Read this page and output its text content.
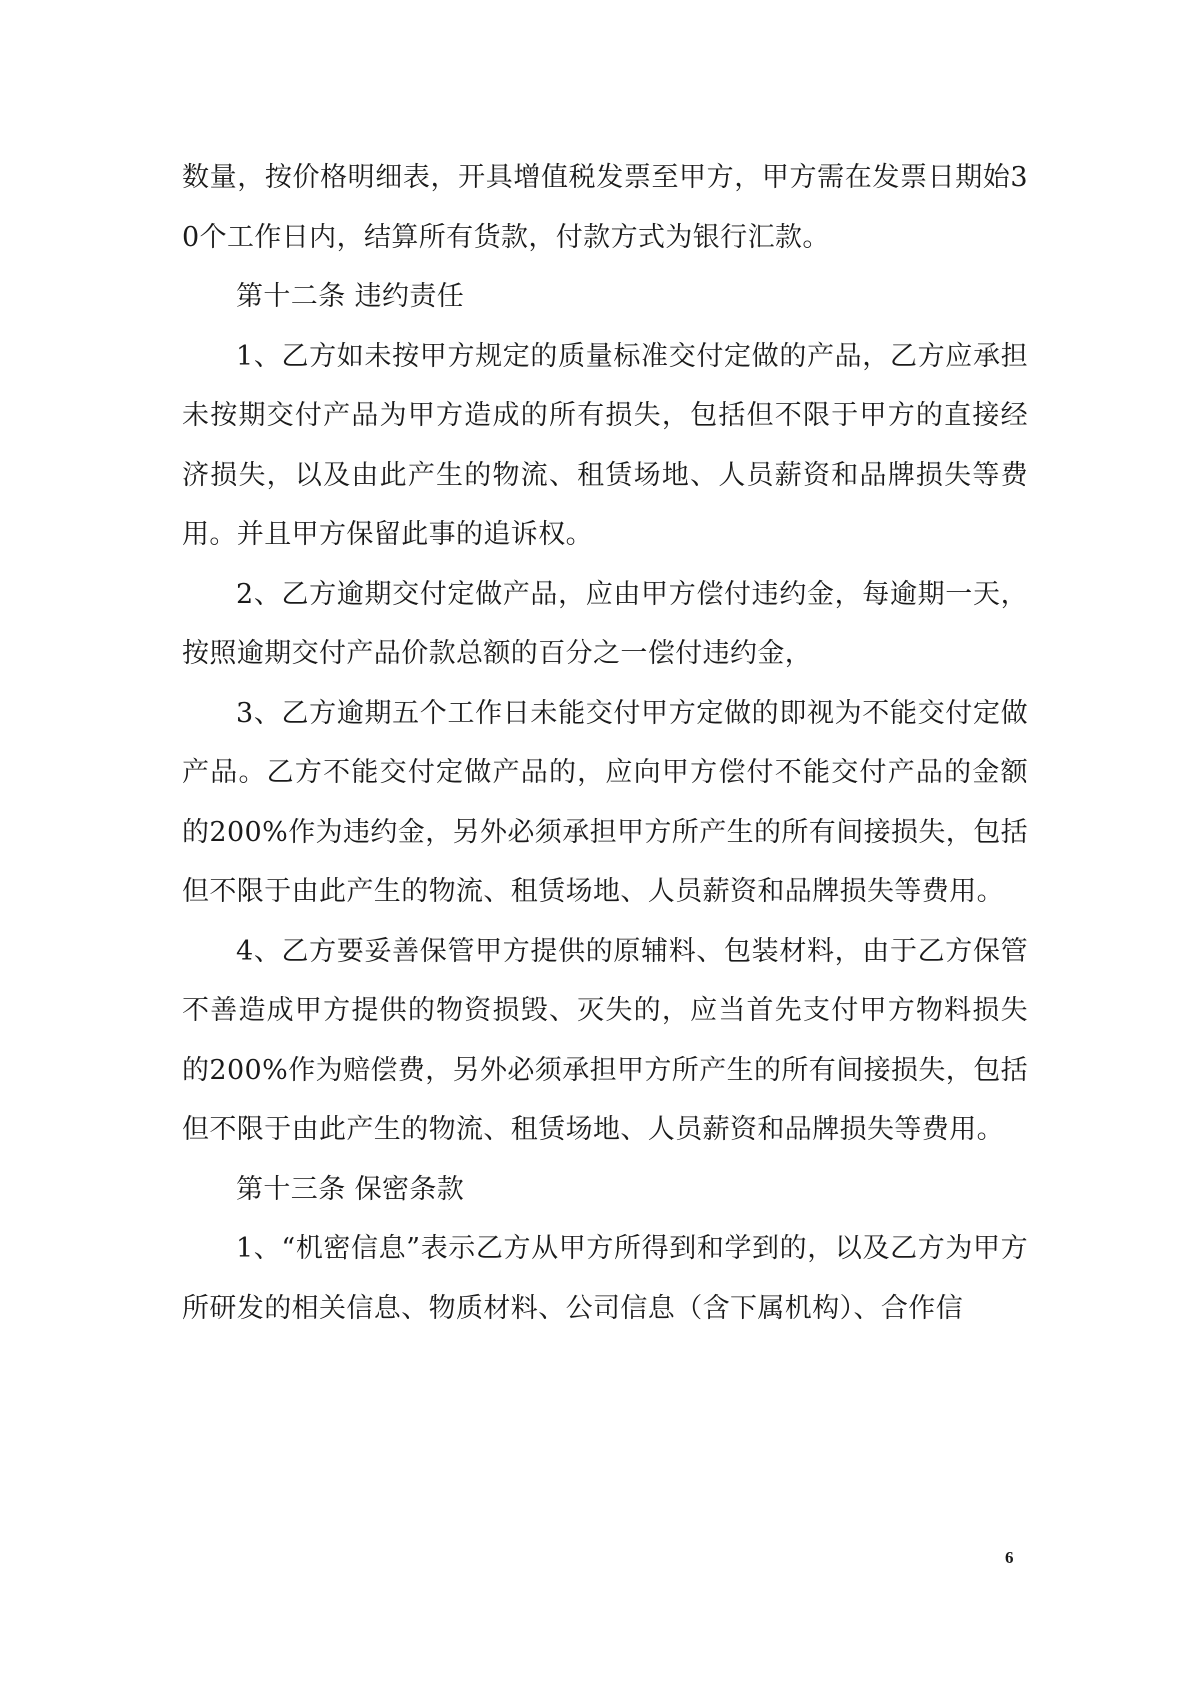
数量，按价格明细表，开具增值税发票至甲方，甲方需在发票日期始30个工作日内，结算所有货款，付款方式为银行汇款。

第十二条 违约责任

1、乙方如未按甲方规定的质量标准交付定做的产品，乙方应承担未按期交付产品为甲方造成的所有损失，包括但不限于甲方的直接经济损失，以及由此产生的物流、租赁场地、人员薪资和品牌损失等费用。并且甲方保留此事的追诉权。

2、乙方逾期交付定做产品，应由甲方偿付违约金，每逾期一天，按照逾期交付产品价款总额的百分之一偿付违约金，

3、乙方逾期五个工作日未能交付甲方定做的即视为不能交付定做产品。乙方不能交付定做产品的，应向甲方偿付不能交付产品的金额的200%作为违约金，另外必须承担甲方所产生的所有间接损失，包括但不限于由此产生的物流、租赁场地、人员薪资和品牌损失等费用。

4、乙方要妥善保管甲方提供的原辅料、包装材料，由于乙方保管不善造成甲方提供的物资损毁、灭失的，应当首先支付甲方物料损失的200%作为赔偿费，另外必须承担甲方所产生的所有间接损失，包括但不限于由此产生的物流、租赁场地、人员薪资和品牌损失等费用。

第十三条 保密条款

1、“机密信息”表示乙方从甲方所得到和学到的，以及乙方为甲方所研发的相关信息、物质材料、公司信息（含下属机构）、合作信

6
